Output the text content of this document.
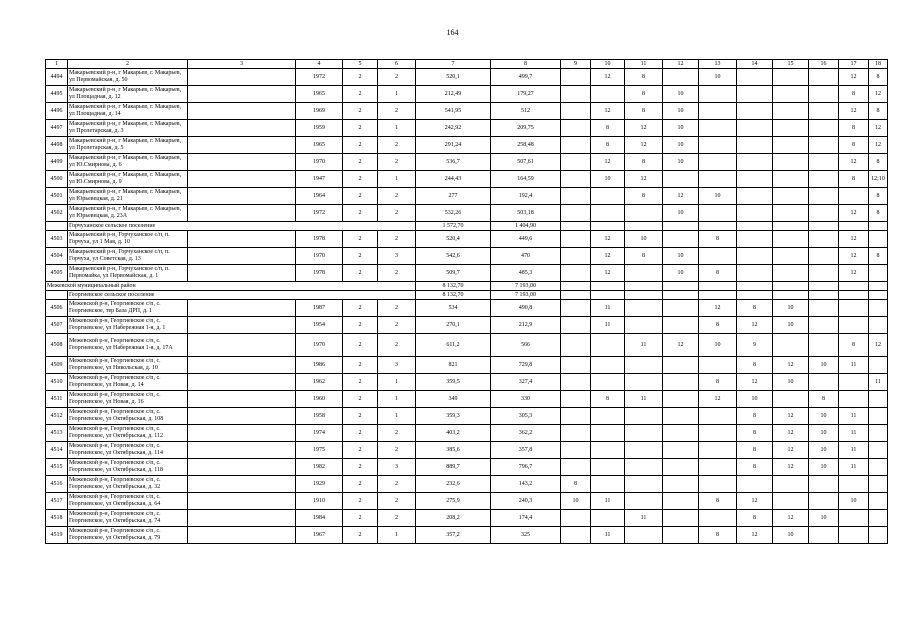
164
1	2	3	4	5	6	7	8	9	10	11	12	13	14	15	16	17	18
4494	Макарьевский р-н, г Макарьев, г. Макарьев, ул Первомайская, д. 50		1972	2	2	520,1	499,7		12	8		10				12	8
4495	Макарьевский р-н, г Макарьев, г. Макарьев, ул Площадная, д. 12		1965	2	1	212,49	179,27			8	10					8	12
4496	Макарьевский р-н, г Макарьев, г. Макарьев, ул Площадная, д. 14		1969	2	2	541,95	512		12	8	10					12	8
4497	Макарьевский р-н, г Макарьев, г. Макарьев, ул Пролетарская, д. 3		1959	2	1	242,92	209,75		8	12	10					8	12
4498	Макарьевский р-н, г Макарьев, г. Макарьев, ул Пролетарская, д. 5		1965	2	2	291,24	258,48		8	12	10					8	12
4499	Макарьевский р-н, г Макарьев, г. Макарьев, ул Ю.Смирнова, д. 6		1970	2	2	536,7	507,61		12	8	10					12	8
4500	Макарьевский р-н, г Макарьев, г. Макарьев, ул Ю.Смирнова, д. 9		1947	2	1	244,43	164,59		10	12						8	12;10
4501	Макарьевский р-н, г Макарьев, г. Макарьев, ул Юрьевецкая, д. 21		1964	2	2	277	192,4			8	12	10					8
4502	Макарьевский р-н, г Макарьев, г. Макарьев, ул Юрьевецкая, д. 23А		1972	2	2	532,26	503,18				10					12	8
	Горчуханское сельское поселение					1 572,70	1 404,90										
4503	Макарьевский р-н, Горчуханское с/п, п. Горчуха, ул 1 Мая, д. 10		1978	2	2	520,4	449,6		12	10		8				12	
4504	Макарьевский р-н, Горчуханское с/п, п. Горчуха, ул Советская, д. 13		1970	2	3	542,6	470		12	8	10					12	8
4505	Макарьевский р-н, Горчуханское с/п, п. Первомайка, ул Первомайская, д. 1		1978	2	2	509,7	485,3		12		10	8				12	
Межевской муниципальный район						8 132,70	7 193,00										
	Георгиевское сельское поселение					8 132,70	7 193,00										
4506	Межевской р-н, Георгиевское с/п, с. Георгиевское, тер База ДРП, д. 1		1987	2	2	534	490,8		11			12	8	10			
4507	Межевской р-н, Георгиевское с/п, с. Георгиевское, ул Набережная 1-я, д. 1		1954	2	2	270,1	212,9		11			8	12	10			
4508	Межевской р-н, Георгиевское с/п, с. Георгиевское, ул Набережная 1-я, д. 17А		1970	2	2	611,2	566			11	12	10	9			8	12
4509	Межевской р-н, Георгиевское с/п, с. Георгиевское, ул Никольская, д. 10		1986	2	3	821	729,8						8	12	10	11	
4510	Межевской р-н, Георгиевское с/п, с. Георгиевское, ул Новая, д. 14		1962	2	1	359,5	327,4					8	12	10			11
4511	Межевской р-н, Георгиевское с/п, с. Георгиевское, ул Новая, д. 16		1960	2	1	349	330		8	11		12	10		8		
4512	Межевской р-н, Георгиевское с/п, с. Георгиевское, ул Октябрьская, д. 108		1958	2	1	359,3	305,3						8	12	10	11	
4513	Межевской р-н, Георгиевское с/п, с. Георгиевское, ул Октябрьская, д. 112		1974	2	2	403,2	362,2						8	12	10	11	
4514	Межевской р-н, Георгиевское с/п, с. Георгиевское, ул Октябрьская, д. 114		1975	2	2	385,6	357,8						8	12	10	11	
4515	Межевской р-н, Георгиевское с/п, с. Георгиевское, ул Октябрьская, д. 118		1982	2	3	889,7	796,7						8	12	10	11	
4516	Межевской р-н, Георгиевское с/п, с. Георгиевское, ул Октябрьская, д. 32		1929	2	2	232,6	143,2	8									
4517	Межевской р-н, Георгиевское с/п, с. Георгиевское, ул Октябрьская, д. 64		1910	2	2	275,9	240,3	10	11			8	12			10	
4518	Межевской р-н, Георгиевское с/п, с. Георгиевское, ул Октябрьская, д. 74		1984	2	2	208,2	174,4			11			8	12	10		
4519	Межевской р-н, Георгиевское с/п, с. Георгиевское, ул Октябрьская, д. 79		1967	2	1	357,2	325		11			8	12	10			
